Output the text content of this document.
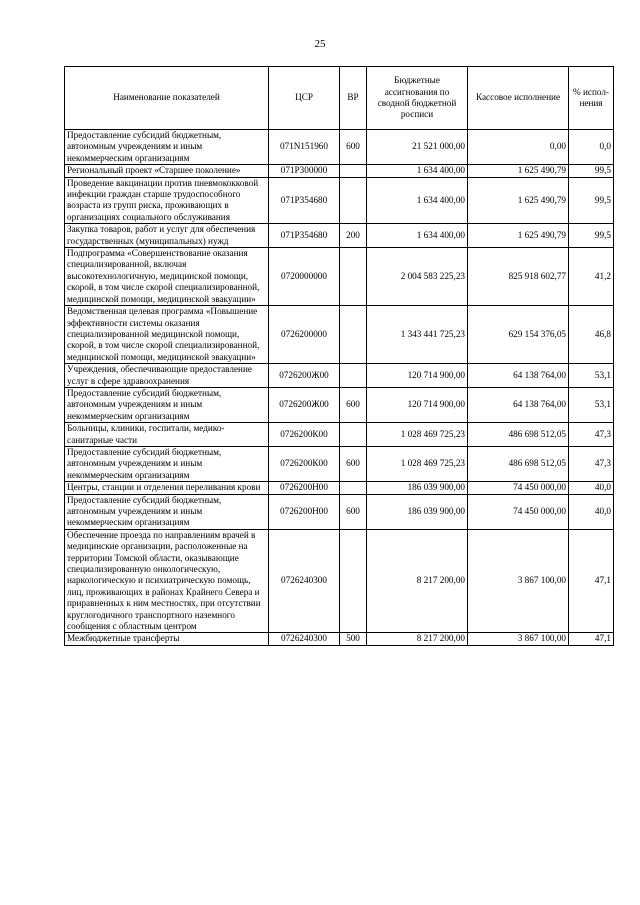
25
Наименование показателей	ЦСР	ВР	Бюджетные ассигнования по сводной бюджетной росписи	Кассовое исполнение	% испол-нения
Предоставление субсидий бюджетным, автономным учреждениям и иным некоммерческим организациям	071N151960	600	21 521 000,00	0,00	0,0
Региональный проект «Старшее поколение»	071P300000		1 634 400,00	1 625 490,79	99,5
Проведение вакцинации против пневмококковой инфекции граждан старше трудоспособного возраста из групп риска, проживающих в организациях социального обслуживания	071P354680		1 634 400,00	1 625 490,79	99,5
Закупка товаров, работ и услуг для обеспечения государственных (муниципальных) нужд	071P354680	200	1 634 400,00	1 625 490,79	99,5
Подпрограмма «Совершенствование оказания специализированной, включая высокотехнологичную, медицинской помощи, скорой, в том числе скорой специализированной, медицинской помощи, медицинской эвакуации»	0720000000		2 004 583 225,23	825 918 602,77	41,2
Ведомственная целевая программа «Повышение эффективности системы оказания специализированной медицинской помощи, скорой, в том числе скорой специализированной, медицинской помощи, медицинской эвакуации»	0726200000		1 343 441 725,23	629 154 376,05	46,8
Учреждения, обеспечивающие предоставление услуг в сфере здравоохранения	0726200Ж00		120 714 900,00	64 138 764,00	53,1
Предоставление субсидий бюджетным, автономным учреждениям и иным некоммерческим организациям	0726200Ж00	600	120 714 900,00	64 138 764,00	53,1
Больницы, клиники, госпитали, медико-санитарные части	0726200К00		1 028 469 725,23	486 698 512,05	47,3
Предоставление субсидий бюджетным, автономным учреждениям и иным некоммерческим организациям	0726200К00	600	1 028 469 725,23	486 698 512,05	47,3
Центры, станции и отделения переливания крови	0726200Н00		186 039 900,00	74 450 000,00	40,0
Предоставление субсидий бюджетным, автономным учреждениям и иным некоммерческим организациям	0726200Н00	600	186 039 900,00	74 450 000,00	40,0
Обеспечение проезда по направлениям врачей в медицинские организации, расположенные на территории Томской области, оказывающие специализированную онкологическую, наркологическую и психиатрическую помощь, лиц, проживающих в районах Крайнего Севера и приравненных к ним местностях, при отсутствии круглогодичного транспортного наземного сообщения с областным центром	0726240300		8 217 200,00	3 867 100,00	47,1
Межбюджетные трансферты	0726240300	500	8 217 200,00	3 867 100,00	47,1
